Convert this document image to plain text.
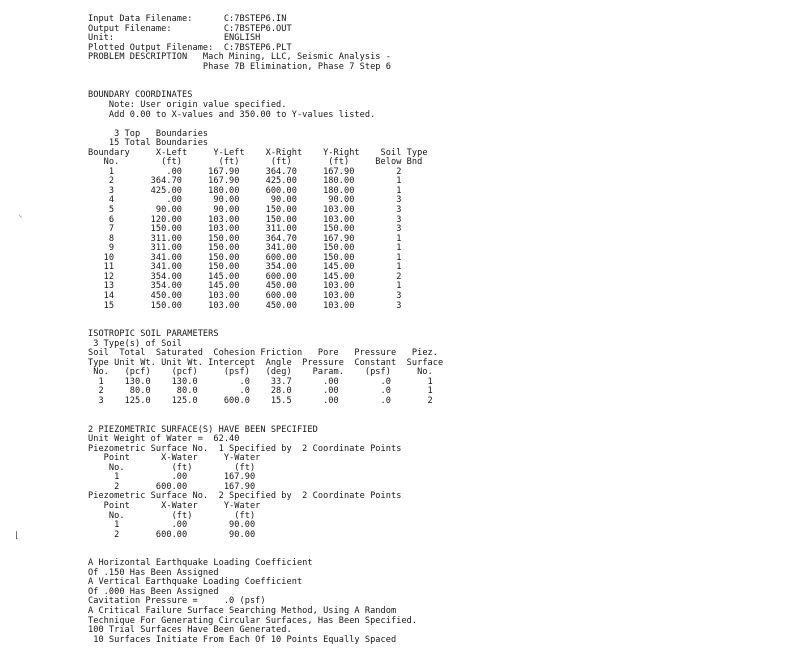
Input Data Filename:      C:7BSTEP6.IN
Output Filename:          C:7BSTEP6.OUT
Unit:                     ENGLISH
Plotted Output Filename:  C:7BSTEP6.PLT
PROBLEM DESCRIPTION   Mach Mining, LLC, Seismic Analysis -
Phase 7B Elimination, Phase 7 Step 6

BOUNDARY COORDINATES
Note: User origin value specified.
Add 0.00 to X-values and 350.00 to Y-values listed.
3 Top   Boundaries
15 Total Boundaries
Boundary     X-Left     Y-Left    X-Right    Y-Right    Soil Type
No.        (ft)       (ft)      (ft)       (ft)     Below Bnd
1          .00     167.90     364.70     167.90        2
2       364.70     167.90     425.00     180.00        1
3       425.00     180.00     600.00     180.00        1
4          .00      90.00      90.00      90.00        3
5        90.00      90.00     150.00     103.00        3
6       120.00     103.00     150.00     103.00        3
7       150.00     103.00     311.00     150.00        3
8       311.00     150.00     364.70     167.90        1
9       311.00     150.00     341.00     150.00        1
10       341.00     150.00     600.00     150.00        1
11       341.00     150.00     354.00     145.00        1
12       354.00     145.00     600.00     145.00        2
13       354.00     145.00     450.00     103.00        1
14       450.00     103.00     600.00     103.00        3
15       150.00     103.00     450.00     103.00        3

ISOTROPIC SOIL PARAMETERS
3 Type(s) of Soil
Soil  Total  Saturated  Cohesion Friction   Pore   Pressure   Piez.
Type Unit Wt. Unit Wt. Intercept  Angle  Pressure  Constant  Surface
No.   (pcf)    (pcf)     (psf)   (deg)    Param.    (psf)     No.
1    130.0    130.0        .0    33.7      .00        .0       1
2     80.0     80.0        .0    28.0      .00        .0       1
3    125.0    125.0     600.0    15.5      .00        .0       2

2 PIEZOMETRIC SURFACE(S) HAVE BEEN SPECIFIED
Unit Weight of Water =  62.40
Piezometric Surface No.  1 Specified by  2 Coordinate Points
Point      X-Water     Y-Water
No.         (ft)        (ft)
1          .00       167.90
2       600.00       167.90
Piezometric Surface No.  2 Specified by  2 Coordinate Points
Point      X-Water     Y-Water
No.         (ft)        (ft)
1          .00        90.00
2       600.00        90.00

A Horizontal Earthquake Loading Coefficient
Of .150 Has Been Assigned
A Vertical Earthquake Loading Coefficient
Of .000 Has Been Assigned
Cavitation Pressure =     .0 (psf)
A Critical Failure Surface Searching Method, Using A Random
Technique For Generating Circular Surfaces, Has Been Specified.
100 Trial Surfaces Have Been Generated.
10 Surfaces Initiate From Each Of 10 Points Equally Spaced

◟
⌊
